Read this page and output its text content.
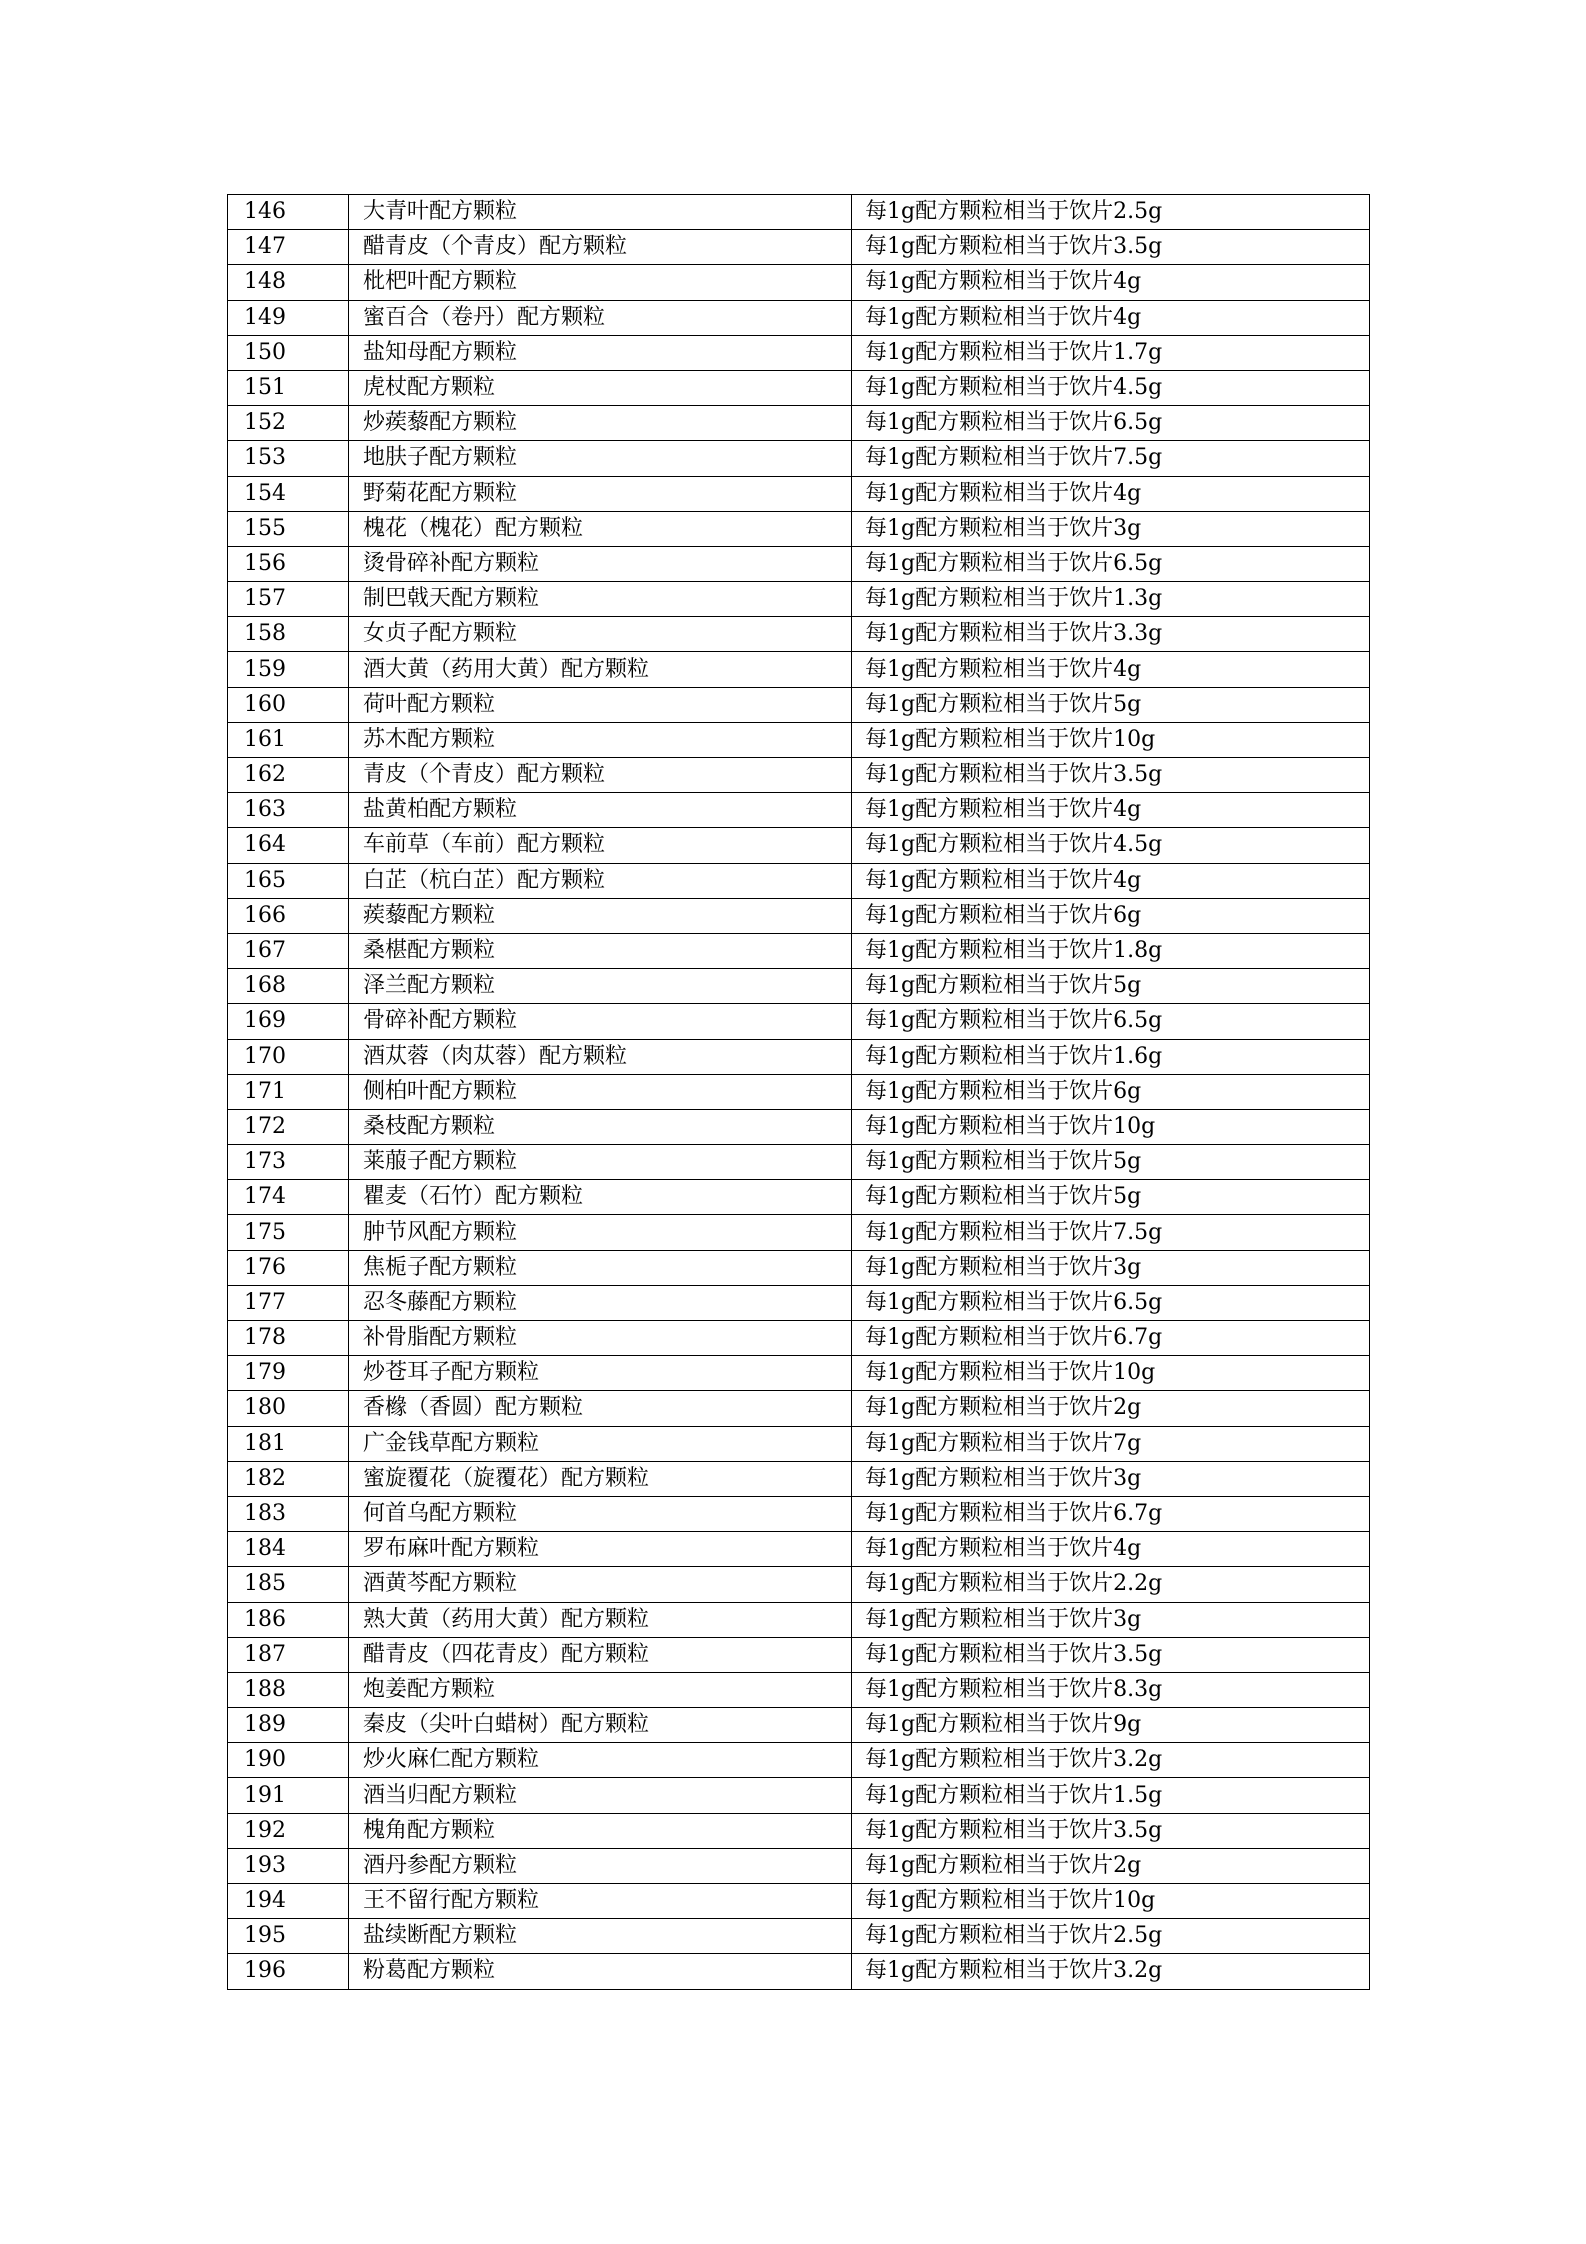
146	大青叶配方颗粒	每1g配方颗粒相当于饮片2.5g
147	醋青皮（个青皮）配方颗粒	每1g配方颗粒相当于饮片3.5g
148	枇杷叶配方颗粒	每1g配方颗粒相当于饮片4g
149	蜜百合（卷丹）配方颗粒	每1g配方颗粒相当于饮片4g
150	盐知母配方颗粒	每1g配方颗粒相当于饮片1.7g
151	虎杖配方颗粒	每1g配方颗粒相当于饮片4.5g
152	炒蒺藜配方颗粒	每1g配方颗粒相当于饮片6.5g
153	地肤子配方颗粒	每1g配方颗粒相当于饮片7.5g
154	野菊花配方颗粒	每1g配方颗粒相当于饮片4g
155	槐花（槐花）配方颗粒	每1g配方颗粒相当于饮片3g
156	烫骨碎补配方颗粒	每1g配方颗粒相当于饮片6.5g
157	制巴戟天配方颗粒	每1g配方颗粒相当于饮片1.3g
158	女贞子配方颗粒	每1g配方颗粒相当于饮片3.3g
159	酒大黄（药用大黄）配方颗粒	每1g配方颗粒相当于饮片4g
160	荷叶配方颗粒	每1g配方颗粒相当于饮片5g
161	苏木配方颗粒	每1g配方颗粒相当于饮片10g
162	青皮（个青皮）配方颗粒	每1g配方颗粒相当于饮片3.5g
163	盐黄柏配方颗粒	每1g配方颗粒相当于饮片4g
164	车前草（车前）配方颗粒	每1g配方颗粒相当于饮片4.5g
165	白芷（杭白芷）配方颗粒	每1g配方颗粒相当于饮片4g
166	蒺藜配方颗粒	每1g配方颗粒相当于饮片6g
167	桑椹配方颗粒	每1g配方颗粒相当于饮片1.8g
168	泽兰配方颗粒	每1g配方颗粒相当于饮片5g
169	骨碎补配方颗粒	每1g配方颗粒相当于饮片6.5g
170	酒苁蓉（肉苁蓉）配方颗粒	每1g配方颗粒相当于饮片1.6g
171	侧柏叶配方颗粒	每1g配方颗粒相当于饮片6g
172	桑枝配方颗粒	每1g配方颗粒相当于饮片10g
173	莱菔子配方颗粒	每1g配方颗粒相当于饮片5g
174	瞿麦（石竹）配方颗粒	每1g配方颗粒相当于饮片5g
175	肿节风配方颗粒	每1g配方颗粒相当于饮片7.5g
176	焦栀子配方颗粒	每1g配方颗粒相当于饮片3g
177	忍冬藤配方颗粒	每1g配方颗粒相当于饮片6.5g
178	补骨脂配方颗粒	每1g配方颗粒相当于饮片6.7g
179	炒苍耳子配方颗粒	每1g配方颗粒相当于饮片10g
180	香橼（香圆）配方颗粒	每1g配方颗粒相当于饮片2g
181	广金钱草配方颗粒	每1g配方颗粒相当于饮片7g
182	蜜旋覆花（旋覆花）配方颗粒	每1g配方颗粒相当于饮片3g
183	何首乌配方颗粒	每1g配方颗粒相当于饮片6.7g
184	罗布麻叶配方颗粒	每1g配方颗粒相当于饮片4g
185	酒黄芩配方颗粒	每1g配方颗粒相当于饮片2.2g
186	熟大黄（药用大黄）配方颗粒	每1g配方颗粒相当于饮片3g
187	醋青皮（四花青皮）配方颗粒	每1g配方颗粒相当于饮片3.5g
188	炮姜配方颗粒	每1g配方颗粒相当于饮片8.3g
189	秦皮（尖叶白蜡树）配方颗粒	每1g配方颗粒相当于饮片9g
190	炒火麻仁配方颗粒	每1g配方颗粒相当于饮片3.2g
191	酒当归配方颗粒	每1g配方颗粒相当于饮片1.5g
192	槐角配方颗粒	每1g配方颗粒相当于饮片3.5g
193	酒丹参配方颗粒	每1g配方颗粒相当于饮片2g
194	王不留行配方颗粒	每1g配方颗粒相当于饮片10g
195	盐续断配方颗粒	每1g配方颗粒相当于饮片2.5g
196	粉葛配方颗粒	每1g配方颗粒相当于饮片3.2g
